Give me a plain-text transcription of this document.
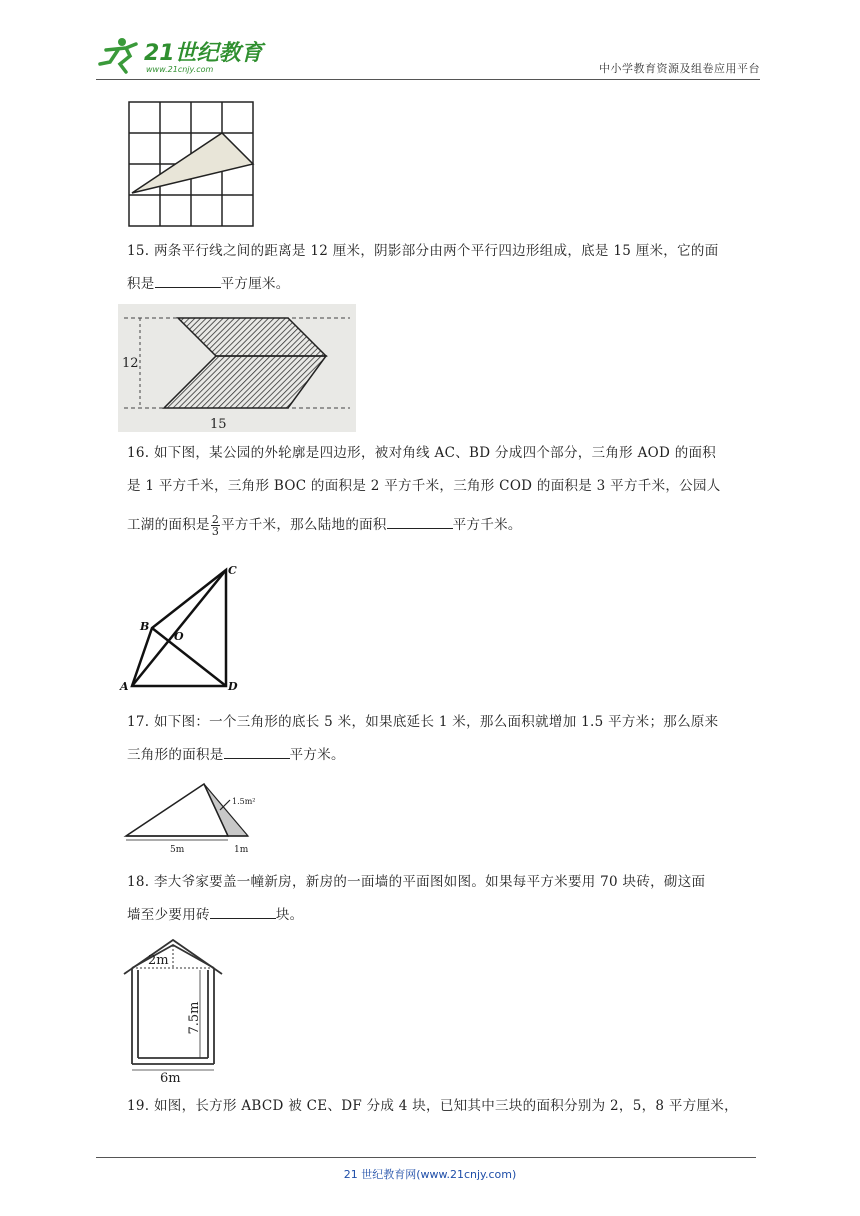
21世纪教育
www.21cnjy.com	中小学教育资源及组卷应用平台
15. 两条平行线之间的距离是 12 厘米，阴影部分由两个平行四边形组成，底是 15 厘米，它的面
积是	平方厘米。
12
15
16. 如下图，某公园的外轮廓是四边形，被对角线 AC、BD 分成四个部分，三角形 AOD 的面积
是 1 平方千米，三角形 BOC 的面积是 2 平方千米，三角形 COD 的面积是 3 平方千米，公园人
工湖的面积是 $\frac{2}{3}$ 平方千米，那么陆地的面积	平方千米。
A
B
C
D
O
17. 如下图：一个三角形的底长 5 米，如果底延长 1 米，那么面积就增加 1.5 平方米；那么原来
三角形的面积是	平方米。
1.5m²
5m	1m
18. 李大爷家要盖一幢新房，新房的一面墙的平面图如图。如果每平方米要用 70 块砖，砌这面
墙至少要用砖	块。
2m
7.5m
6m
19. 如图，长方形 ABCD 被 CE、DF 分成 4 块，已知其中三块的面积分别为 2，5，8 平方厘米，
21 世纪教育网(www.21cnjy.com)
